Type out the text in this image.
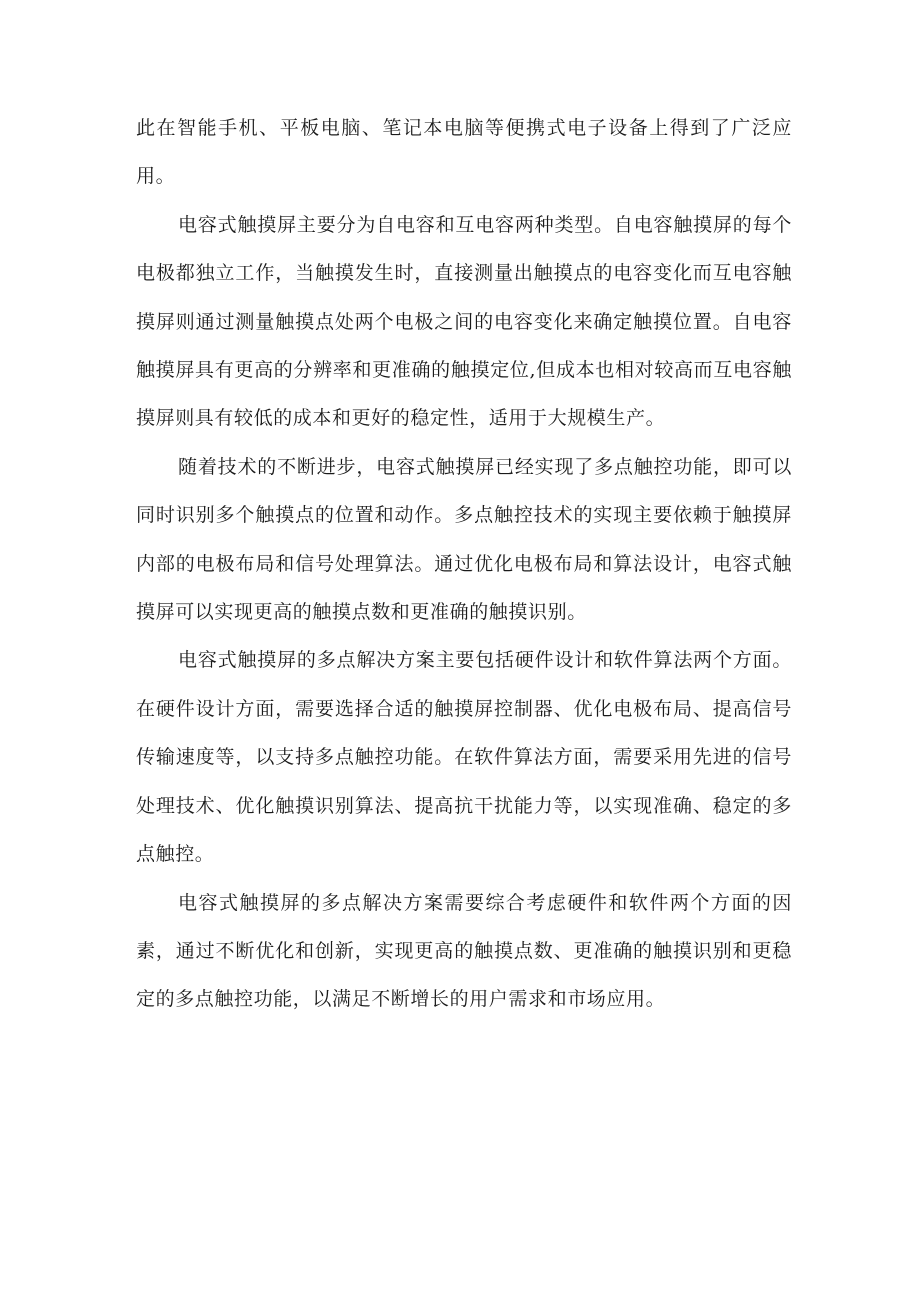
此在智能手机、平板电脑、笔记本电脑等便携式电子设备上得到了广泛应用。

电容式触摸屏主要分为自电容和互电容两种类型。自电容触摸屏的每个电极都独立工作，当触摸发生时，直接测量出触摸点的电容变化而互电容触摸屏则通过测量触摸点处两个电极之间的电容变化来确定触摸位置。自电容触摸屏具有更高的分辨率和更准确的触摸定位,但成本也相对较高而互电容触摸屏则具有较低的成本和更好的稳定性，适用于大规模生产。

随着技术的不断进步，电容式触摸屏已经实现了多点触控功能，即可以同时识别多个触摸点的位置和动作。多点触控技术的实现主要依赖于触摸屏内部的电极布局和信号处理算法。通过优化电极布局和算法设计，电容式触摸屏可以实现更高的触摸点数和更准确的触摸识别。

电容式触摸屏的多点解决方案主要包括硬件设计和软件算法两个方面。在硬件设计方面，需要选择合适的触摸屏控制器、优化电极布局、提高信号传输速度等，以支持多点触控功能。在软件算法方面，需要采用先进的信号处理技术、优化触摸识别算法、提高抗干扰能力等，以实现准确、稳定的多点触控。

电容式触摸屏的多点解决方案需要综合考虑硬件和软件两个方面的因素，通过不断优化和创新，实现更高的触摸点数、更准确的触摸识别和更稳定的多点触控功能，以满足不断增长的用户需求和市场应用。
